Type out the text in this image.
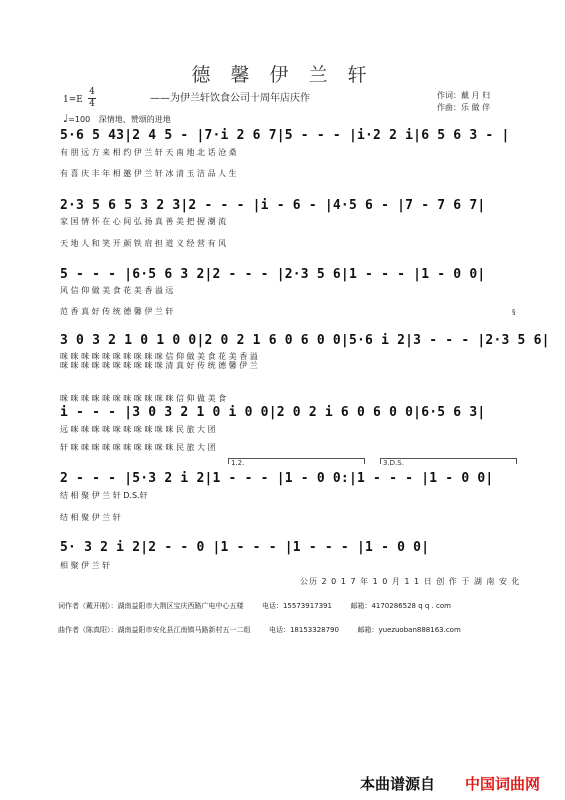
德 馨 伊 兰 轩
——为伊兰轩饮食公司十周年店庆作	作词：戴 月 归
作曲：乐 做 伴
1=E
4
4
♩=100 深情地、赞颂的进地
5·6 5 43|2 4 5 - |7·i 2 6 7|5 - - - |i·2 2 i|6 5 6 3 - |
有 朋 远 方 来 相 约 伊 兰 轩 天 南 地 北 话 沧 桑
有 喜 庆 丰 年 相 邀 伊 兰 轩 冰 清 玉 洁 品 人 生
2·3 5 6 5 3 2 3|2 - - - |i - 6 - |4·5 6 - |7 - 7 6 7|
家 国 情 怀 在 心 间 弘 扬 真 善 美 把 握 潮 流
天 地 人 和 笑 开 颜 铁 肩 担 道 义 经 营 有 风
5 - - - |6·5 6 3 2|2 - - - |2·3 5 6|1 - - - |1 - 0 0|
风 信 仰 做 美 食 花 美 香 溢 远
范 香 真 好 传 统 德 馨 伊 兰 轩	§
3 0 3 2 1 0 1 0 0|2 0 2 1 6 0 6 0 0|5·6 i 2|3 - - - |2·3 5 6|
咪 咪 咪 咪 咪 咪 咪 咪 咪 咪 信 仰 做 美 食 花 美 香 溢
咪 咪 咪 咪 咪 咪 咪 咪 咪 咪 清 真 好 传 统 德 馨 伊 兰
咪 咪 咪 咪 咪 咪 咪 咪 咪 咪 咪 信 仰 做 美 食
i - - - |3 0 3 2 1 0 i 0 0|2 0 2 i 6 0 6 0 0|6·5 6 3|
远 咪 咪 咪 咪 咪 咪 咪 咪 咪 咪 民 旅 大 团
轩 咪 咪 咪 咪 咪 咪 咪 咪 咪 咪 民 旅 大 团
1.2.	3.D.S.
2 - - - |5·3 2 i 2|1 - - - |1 - 0 0:|1 - - - |1 - 0 0|
结 相 聚 伊 兰 轩 D.S.轩
结 相 聚 伊 兰 轩
5· 3 2 i 2|2 - - 0 |1 - - - |1 - - - |1 - 0 0|
相 聚 伊 兰 轩
公历 2 0 1 7 年 1 0 月 1 1 日 创 作 于 湖 南 安 化
词作者（戴开刚）：湖南益阳市大荆区宝庆西路广电中心五楼	电话：15573917391	邮箱：4170286528 q q . com
曲作者（陈真阳）：湖南益阳市安化县江南镇马路新村五一二组	电话：18153328790	邮箱：yuezuoban888163.com
本曲谱源自 中国词曲网
